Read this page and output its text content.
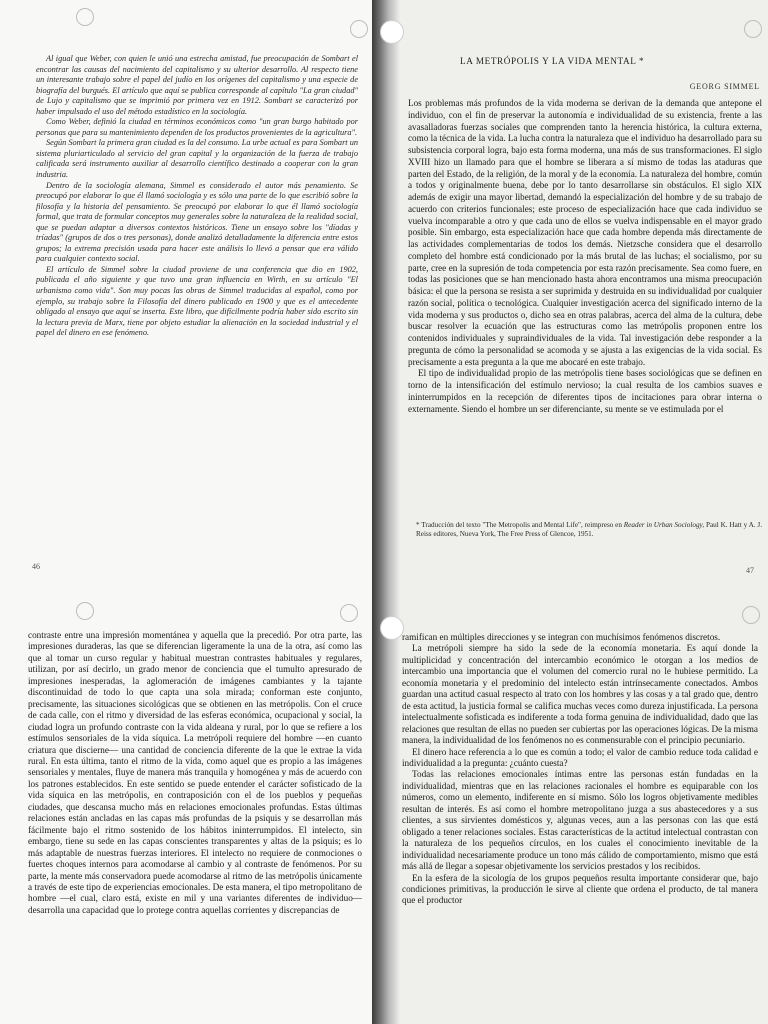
Al igual que Weber, con quien le unió una estrecha amistad, fue preocupación de Sombart el encontrar las causas del nacimiento del capitalismo y su ulterior desarrollo. Al respecto tiene un interesante trabajo sobre el papel del judío en los orígenes del capitalismo y una especie de biografía del burgués. El artículo que aquí se publica corresponde al capítulo "La gran ciudad" de Lujo y capitalismo que se imprimió por primera vez en 1912. Sombart se caracterizó por haber impulsado el uso del método estadístico en la sociología.

Como Weber, definió la ciudad en términos económicos como "un gran burgo habitado por personas que para su mantenimiento dependen de los productos provenientes de la agricultura".

Según Sombart la primera gran ciudad es la del consumo. La urbe actual es para Sombart un sistema pluriarticulado al servicio del gran capital y la organización de la fuerza de trabajo calificada será instrumento auxiliar al desarrollo científico destinado a cooperar con la gran industria.

Dentro de la sociología alemana, Simmel es considerado el autor más penamiento. Se preocupó por elaborar lo que él llamó sociología y es sólo una parte de lo que escribió sobre la filosofía y la historia del pensamiento. Se preocupó por elaborar lo que él llamó sociología formal, que trata de formular conceptos muy generales sobre la naturaleza de la realidad social, que se puedan adaptar a diversos contextos históricos. Tiene un ensayo sobre los "díadas y tríadas" (grupos de dos o tres personas), donde analizó detalladamente la diferencia entre estos grupos; la extrema precisión usada para hacer este análisis lo llevó a pensar que era válido para cualquier contexto social.

El artículo de Simmel sobre la ciudad proviene de una conferencia que dio en 1902, publicada el año siguiente y que tuvo una gran influencia en Wirth, en su artículo "El urbanismo como vida". Son muy pocas las obras de Simmel traducidas al español, como por ejemplo, su trabajo sobre la Filosofía del dinero publicado en 1900 y que es el antecedente obligado al ensayo que aquí se inserta. Este libro, que difícilmente podría haber sido escrito sin la lectura previa de Marx, tiene por objeto estudiar la alienación en la sociedad industrial y el papel del dinero en ese fenómeno.

46
LA METRÓPOLIS Y LA VIDA MENTAL *
GEORG SIMMEL

Los problemas más profundos de la vida moderna se derivan de la demanda que antepone el individuo, con el fin de preservar la autonomía e individualidad de su existencia, frente a las avasalladoras fuerzas sociales que comprenden tanto la herencia histórica, la cultura externa, como la técnica de la vida. La lucha contra la naturaleza que el individuo ha desarrollado para su subsistencia corporal logra, bajo esta forma moderna, una más de sus transformaciones. El siglo XVIII hizo un llamado para que el hombre se liberara a sí mismo de todas las ataduras que parten del Estado, de la religión, de la moral y de la economía. La naturaleza del hombre, común a todos y originalmente buena, debe por lo tanto desarrollarse sin obstáculos. El siglo XIX además de exigir una mayor libertad, demandó la especialización del hombre y de su trabajo de acuerdo con criterios funcionales; este proceso de especialización hace que cada individuo se vuelva incomparable a otro y que cada uno de ellos se vuelva indispensable en el mayor grado posible. Sin embargo, esta especialización hace que cada hombre dependa más directamente de las actividades complementarias de todos los demás. Nietzsche considera que el desarrollo completo del hombre está condicionado por la más brutal de las luchas; el socialismo, por su parte, cree en la supresión de toda competencia por esta razón precisamente. Sea como fuere, en todas las posiciones que se han mencionado hasta ahora encontramos una misma preocupación básica: el que la persona se resista a ser suprimida y destruida en su individualidad por cualquier razón social, política o tecnológica. Cualquier investigación acerca del significado interno de la vida moderna y sus productos o, dicho sea en otras palabras, acerca del alma de la cultura, debe buscar resolver la ecuación que las estructuras como las metrópolis proponen entre los contenidos individuales y supraindividuales de la vida. Tal investigación debe responder a la pregunta de cómo la personalidad se acomoda y se ajusta a las exigencias de la vida social. Es precisamente a esta pregunta a la que me abocaré en este trabajo.

El tipo de individualidad propio de las metrópolis tiene bases sociológicas que se definen en torno de la intensificación del estímulo nervioso; la cual resulta de los cambios suaves e ininterrumpidos en la recepción de diferentes tipos de incitaciones para obrar interna o externamente. Siendo el hombre un ser diferenciante, su mente se ve estimulada por el

* Traducción del texto "The Metropolis and Mental Life", reimpreso en Reader in Urban Sociology, Paul K. Hatt y A. J. Reiss editores, Nueva York, The Free Press of Glencoe, 1951.
47

contraste entre una impresión momentánea y aquella que la precedió. Por otra parte, las impresiones duraderas, las que se diferencian ligeramente la una de la otra, así como las que al tomar un curso regular y habitual muestran contrastes habituales y regulares, utilizan, por así decirlo, un grado menor de conciencia que el tumulto apresurado de impresiones inesperadas, la aglomeración de imágenes cambiantes y la tajante discontinuidad de todo lo que capta una sola mirada; conforman este conjunto, precisamente, las situaciones sicológicas que se obtienen en las metrópolis. Con el cruce de cada calle, con el ritmo y diversidad de las esferas económica, ocupacional y social, la ciudad logra un profundo contraste con la vida aldeana y rural, por lo que se refiere a los estímulos sensoriales de la vida síquica. La metrópoli requiere del hombre —en cuanto criatura que discierne— una cantidad de conciencia diferente de la que le extrae la vida rural. En esta última, tanto el ritmo de la vida, como aquel que es propio a las imágenes sensoriales y mentales, fluye de manera más tranquila y homogénea y más de acuerdo con los patrones establecidos. En este sentido se puede entender el carácter sofisticado de la vida síquica en las metrópolis, en contraposición con el de los pueblos y pequeñas ciudades, que descansa mucho más en relaciones emocionales profundas. Estas últimas relaciones están ancladas en las capas más profundas de la psiquis y se desarrollan más fácilmente bajo el ritmo sostenido de los hábitos ininterrumpidos. El intelecto, sin embargo, tiene su sede en las capas conscientes transparentes y altas de la psiquis; es lo más adaptable de nuestras fuerzas interiores. El intelecto no requiere de conmociones o fuertes choques internos para acomodarse al cambio y al contraste de fenómenos. Por su parte, la mente más conservadora puede acomodarse al ritmo de las metrópolis únicamente a través de este tipo de experiencias emocionales. De esta manera, el tipo metropolitano de hombre —el cual, claro está, existe en mil y una variantes diferentes de individuo— desarrolla una capacidad que lo protege contra aquellas corrientes y discrepancias de

ramifican en múltiples direcciones y se integran con muchísimos fenómenos discretos.

La metrópoli siempre ha sido la sede de la economía monetaria. Es aquí donde la multiplicidad y concentración del intercambio económico le otorgan a los medios de intercambio una importancia que el volumen del comercio rural no le hubiese permitido. La economía monetaria y el predominio del intelecto están intrínsecamente conectados. Ambos guardan una actitud casual respecto al trato con los hombres y las cosas y a tal grado que, dentro de esta actitud, la justicia formal se califica muchas veces como dureza injustificada. La persona intelectualmente sofisticada es indiferente a toda forma genuina de individualidad, dado que las relaciones que resultan de ellas no pueden ser cubiertas por las operaciones lógicas. De la misma manera, la individualidad de los fenómenos no es conmensurable con el principio pecuniario.

El dinero hace referencia a lo que es común a todo; el valor de cambio reduce toda calidad e individualidad a la pregunta: ¿cuánto cuesta?

Todas las relaciones emocionales íntimas entre las personas están fundadas en la individualidad, mientras que en las relaciones racionales el hombre es equiparable con los números, como un elemento, indiferente en sí mismo. Sólo los logros objetivamente medibles resultan de interés. Es así como el hombre metropolitano juzga a sus abastecedores y a sus clientes, a sus sirvientes domésticos y, algunas veces, aun a las personas con las que está obligado a tener relaciones sociales. Estas características de la actitud intelectual contrastan con la naturaleza de los pequeños círculos, en los cuales el conocimiento inevitable de la individualidad necesariamente produce un tono más cálido de comportamiento, mismo que está más allá de llegar a sopesar objetivamente los servicios prestados y los recibidos.

En la esfera de la sicología de los grupos pequeños resulta importante considerar que, bajo condiciones primitivas, la producción le sirve al cliente que ordena el producto, de tal manera que el productor
